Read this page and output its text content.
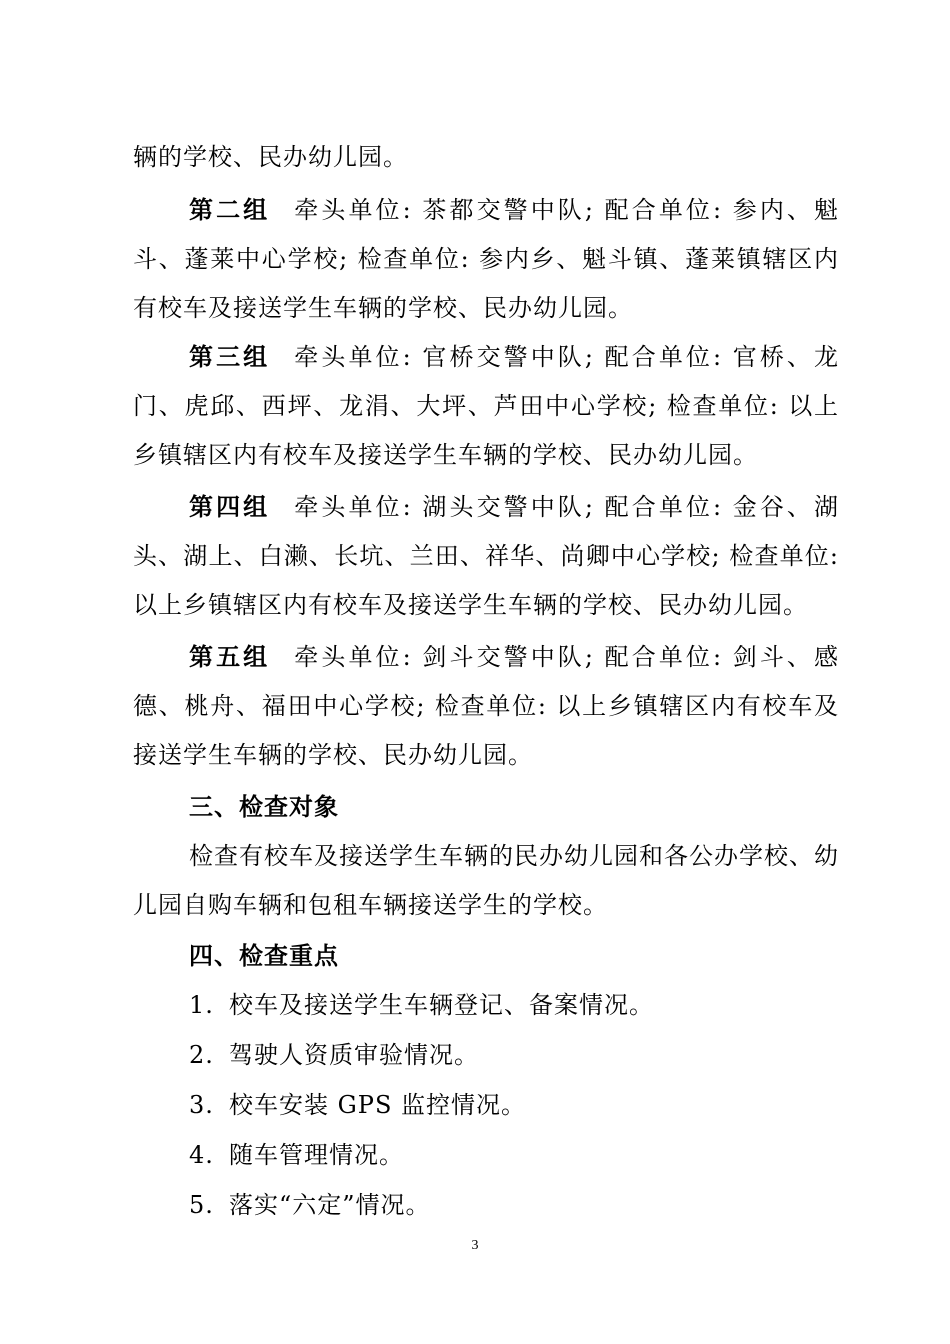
辆的学校、民办幼儿园。

第二组 牵头单位: 茶都交警中队; 配合单位: 参内、魁斗、蓬莱中心学校; 检查单位: 参内乡、魁斗镇、蓬莱镇辖区内有校车及接送学生车辆的学校、民办幼儿园。

第三组 牵头单位: 官桥交警中队; 配合单位: 官桥、龙门、虎邱、西坪、龙涓、大坪、芦田中心学校; 检查单位: 以上乡镇辖区内有校车及接送学生车辆的学校、民办幼儿园。

第四组 牵头单位: 湖头交警中队; 配合单位: 金谷、湖头、湖上、白濑、长坑、兰田、祥华、尚卿中心学校; 检查单位: 以上乡镇辖区内有校车及接送学生车辆的学校、民办幼儿园。

第五组 牵头单位: 剑斗交警中队; 配合单位: 剑斗、感德、桃舟、福田中心学校; 检查单位: 以上乡镇辖区内有校车及接送学生车辆的学校、民办幼儿园。

三、检查对象

检查有校车及接送学生车辆的民办幼儿园和各公办学校、幼儿园自购车辆和包租车辆接送学生的学校。

四、检查重点

1. 校车及接送学生车辆登记、备案情况。

2. 驾驶人资质审验情况。

3. 校车安装 GPS 监控情况。

4. 随车管理情况。

5. 落实“六定”情况。

3
